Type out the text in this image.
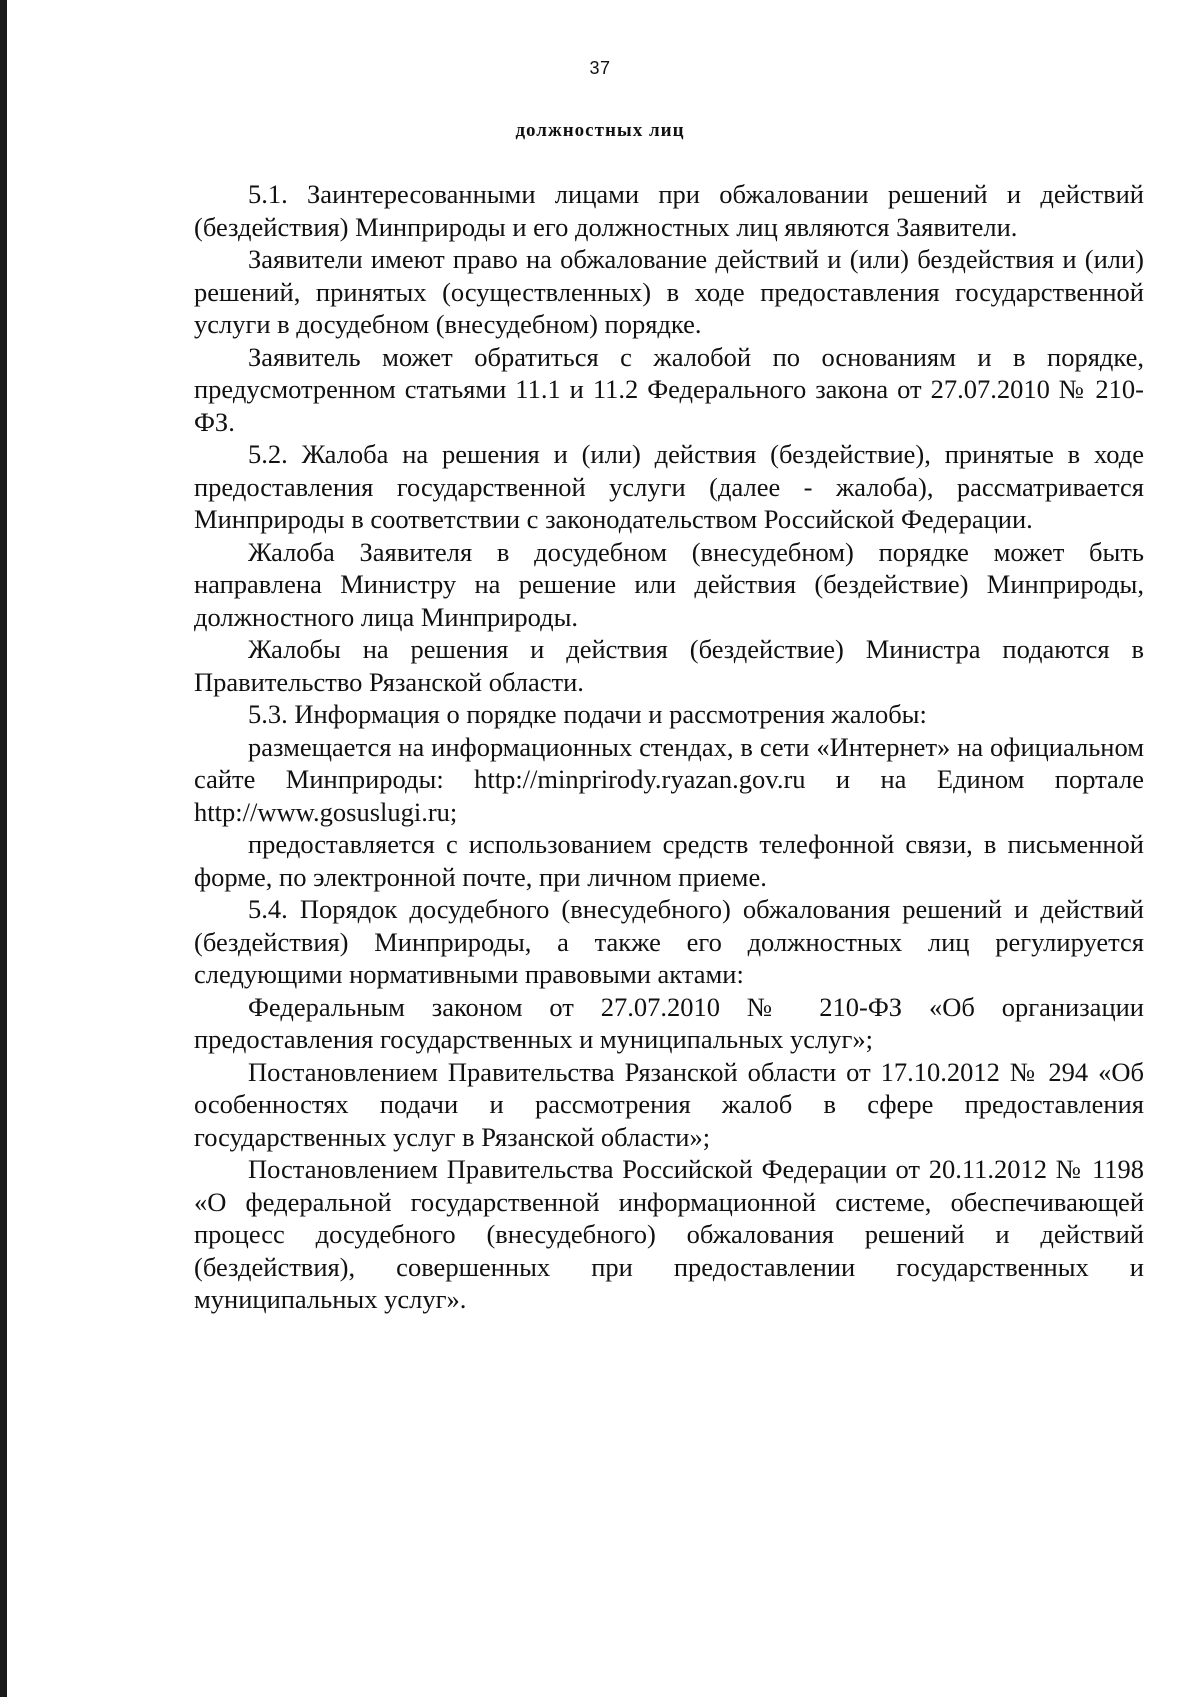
37
должностных лиц

5.1. Заинтересованными лицами при обжаловании решений и действий (бездействия) Минприроды и его должностных лиц являются Заявители.

Заявители имеют право на обжалование действий и (или) бездействия и (или) решений, принятых (осуществленных) в ходе предоставления государственной услуги в досудебном (внесудебном) порядке.

Заявитель может обратиться с жалобой по основаниям и в порядке, предусмотренном статьями 11.1 и 11.2 Федерального закона от 27.07.2010 № 210-ФЗ.

5.2. Жалоба на решения и (или) действия (бездействие), принятые в ходе предоставления государственной услуги (далее - жалоба), рассматривается Минприроды в соответствии с законодательством Российской Федерации.

Жалоба Заявителя в досудебном (внесудебном) порядке может быть направлена Министру на решение или действия (бездействие) Минприроды, должностного лица Минприроды.

Жалобы на решения и действия (бездействие) Министра подаются в Правительство Рязанской области.

5.3. Информация о порядке подачи и рассмотрения жалобы:

размещается на информационных стендах, в сети «Интернет» на официальном сайте Минприроды: http://minprirody.ryazan.gov.ru и на Едином портале http://www.gosuslugi.ru;

предоставляется с использованием средств телефонной связи, в письменной форме, по электронной почте, при личном приеме.

5.4. Порядок досудебного (внесудебного) обжалования решений и действий (бездействия) Минприроды, а также его должностных лиц регулируется следующими нормативными правовыми актами:

Федеральным законом от 27.07.2010 № 210-ФЗ «Об организации предоставления государственных и муниципальных услуг»;

Постановлением Правительства Рязанской области от 17.10.2012 № 294 «Об особенностях подачи и рассмотрения жалоб в сфере предоставления государственных услуг в Рязанской области»;

Постановлением Правительства Российской Федерации от 20.11.2012 № 1198 «О федеральной государственной информационной системе, обеспечивающей процесс досудебного (внесудебного) обжалования решений и действий (бездействия), совершенных при предоставлении государственных и муниципальных услуг».
